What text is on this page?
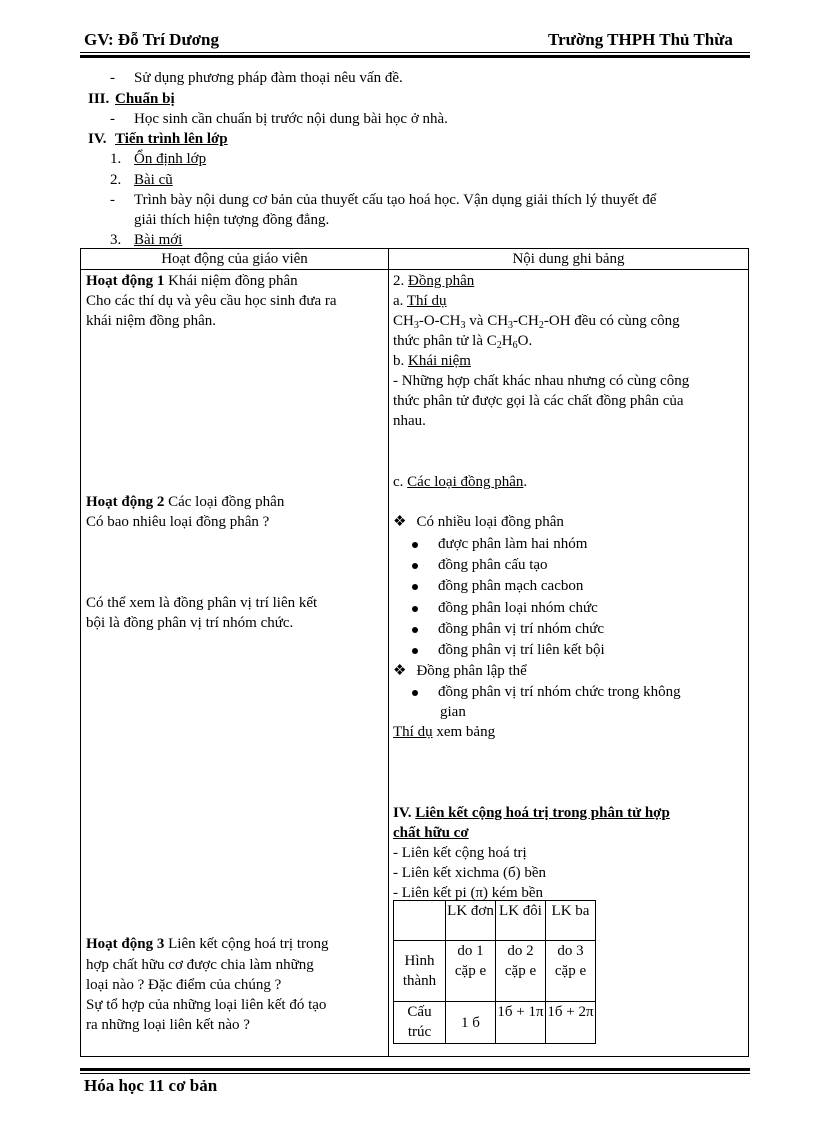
GV: Đỗ Trí Dương	Trường THPH Thủ Thừa
- Sử dụng phương pháp đàm thoại nêu vấn đề.
III. Chuẩn bị
- Học sinh cần chuẩn bị trước nội dung bài học ở nhà.
IV. Tiến trình lên lớp
1. Ổn định lớp
2. Bài cũ
- Trình bày nội dung cơ bản của thuyết cấu tạo hoá học. Vận dụng giải thích lý thuyết để
giải thích hiện tượng đồng đẳng.
3. Bài mới
Hoạt động của giáo viên	Nội dung ghi bảng

Hoạt động 1 Khái niệm đồng phân
Cho các thí dụ và yêu cầu học sinh đưa ra
khái niệm đồng phân.
Hoạt động 2 Các loại đồng phân
Có bao nhiêu loại đồng phân ?
Có thể xem là đồng phân vị trí liên kết
bội là đồng phân vị trí nhóm chức.
Hoạt động 3 Liên kết cộng hoá trị trong
hợp chất hữu cơ được chia làm những
loại nào ? Đặc điểm của chúng ?
Sự tổ hợp của những loại liên kết đó tạo
ra những loại liên kết nào ?
2. Đồng phân
a. Thí dụ
$CH_3-O-CH_3$ và $CH_3-CH_2-OH$ đều có cùng công
thức phân tử là $C_2H_6O$.
b. Khái niệm
- Những hợp chất khác nhau nhưng có cùng công
thức phân tử được gọi là các chất đồng phân của
nhau.
c. Các loại đồng phân.
❖ Có nhiều loại đồng phân
được phân làm hai nhóm
đồng phân cấu tạo
đồng phân mạch cacbon
đồng phân loại nhóm chức
đồng phân vị trí nhóm chức
đồng phân vị trí liên kết bội
❖ Đồng phân lập thể
đồng phân vị trí nhóm chức trong không
gian
Thí dụ xem bảng
IV. Liên kết cộng hoá trị trong phân tử hợp
chất hữu cơ
- Liên kết cộng hoá trị
- Liên kết xichma (б) bền
- Liên kết pi (π) kém bền
	LK đơn	LK đôi	LK ba
Hình thành	do 1 cặp e	do 2 cặp e	do 3 cặp e
Cấu trúc	1 б	1б + 1π	1б + 2π
Hóa học 11 cơ bản
